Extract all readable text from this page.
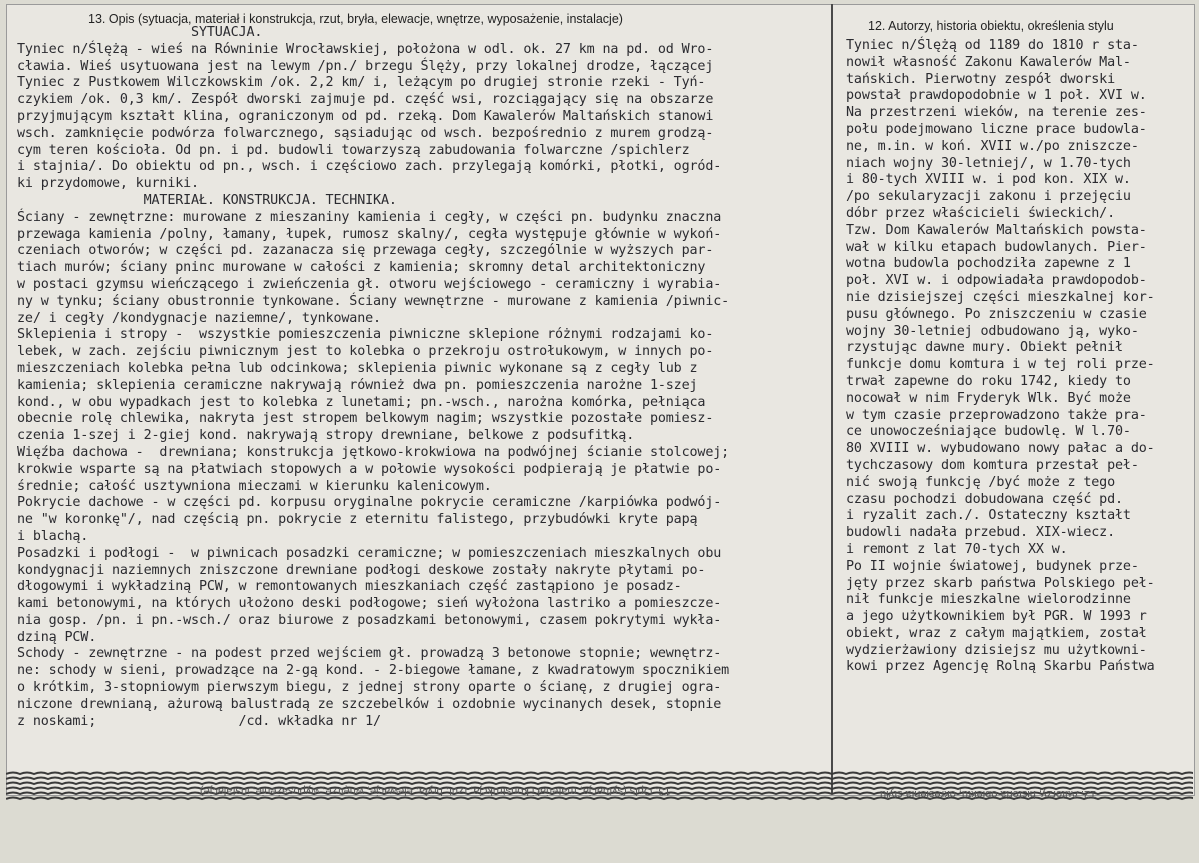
13. Opis (sytuacja, materiał i konstrukcja, rzut, bryła, elewacje, wnętrze, wyposażenie, instalacje)	12. Autorzy, historia obiektu, określenia stylu
SYTUACJA.
Tyniec n/Ślężą - wieś na Równinie Wrocławskiej, położona w odl. ok. 27 km na pd. od Wro-
cławia. Wieś usytuowana jest na lewym /pn./ brzegu Ślęży, przy lokalnej drodze, łączącej
Tyniec z Pustkowem Wilczkowskim /ok. 2,2 km/ i, leżącym po drugiej stronie rzeki - Tyń-
czykiem /ok. 0,3 km/. Zespół dworski zajmuje pd. część wsi, rozciągający się na obszarze
przyjmującym kształt klina, ograniczonym od pd. rzeką. Dom Kawalerów Maltańskich stanowi
wsch. zamknięcie podwórza folwarcznego, sąsiadując od wsch. bezpośrednio z murem grodzą-
cym teren kościoła. Od pn. i pd. budowli towarzyszą zabudowania folwarczne /spichlerz
i stajnia/. Do obiektu od pn., wsch. i częściowo zach. przylegają komórki, płotki, ogród-
ki przydomowe, kurniki.
MATERIAŁ. KONSTRUKCJA. TECHNIKA.
Ściany - zewnętrzne: murowane z mieszaniny kamienia i cegły, w części pn. budynku znaczna
przewaga kamienia /polny, łamany, łupek, rumosz skalny/, cegła występuje głównie w wykoń-
czeniach otworów; w części pd. zazanacza się przewaga cegły, szczególnie w wyższych par-
tiach murów; ściany pninc murowane w całości z kamienia; skromny detal architektoniczny
w postaci gzymsu wieńczącego i zwieńczenia gł. otworu wejściowego - ceramiczny i wyrabia-
ny w tynku; ściany obustronnie tynkowane. Ściany wewnętrzne - murowane z kamienia /piwnic-
ze/ i cegły /kondygnacje naziemne/, tynkowane.
Sklepienia i stropy -  wszystkie pomieszczenia piwniczne sklepione różnymi rodzajami ko-
lebek, w zach. zejściu piwnicznym jest to kolebka o przekroju ostrołukowym, w innych po-
mieszczeniach kolebka pełna lub odcinkowa; sklepienia piwnic wykonane są z cegły lub z
kamienia; sklepienia ceramiczne nakrywają również dwa pn. pomieszczenia narożne 1-szej
kond., w obu wypadkach jest to kolebka z lunetami; pn.-wsch., narożna komórka, pełniąca
obecnie rolę chlewika, nakryta jest stropem belkowym nagim; wszystkie pozostałe pomiesz-
czenia 1-szej i 2-giej kond. nakrywają stropy drewniane, belkowe z podsufitką.
Więźba dachowa -  drewniana; konstrukcja jętkowo-krokwiowa na podwójnej ścianie stolcowej;
krokwie wsparte są na płatwiach stopowych a w połowie wysokości podpierają je płatwie po-
średnie; całość usztywniona mieczami w kierunku kalenicowym.
Pokrycie dachowe - w części pd. korpusu oryginalne pokrycie ceramiczne /karpiówka podwój-
ne "w koronkę"/, nad częścią pn. pokrycie z eternitu falistego, przybudówki kryte papą
i blachą.
Posadzki i podłogi -  w piwnicach posadzki ceramiczne; w pomieszczeniach mieszkalnych obu
kondygnacji naziemnych zniszczone drewniane podłogi deskowe zostały nakryte płytami po-
dłogowymi i wykładziną PCW, w remontowanych mieszkaniach część zastąpiono je posadz-
kami betonowymi, na których ułożono deski podłogowe; sień wyłożona lastriko a pomieszcze-
nia gosp. /pn. i pn.-wsch./ oraz biurowe z posadzkami betonowymi, czasem pokrytymi wykła-
dziną PCW.
Schody - zewnętrzne - na podest przed wejściem gł. prowadzą 3 betonowe stopnie; wewnętrz-
ne: schody w sieni, prowadzące na 2-gą kond. - 2-biegowe łamane, z kwadratowym spocznikiem
o krótkim, 3-stopniowym pierwszym biegu, z jednej strony oparte o ścianę, z drugiej ogra-
niczone drewnianą, ażurową balustradą ze szczebelków i ozdobnie wycinanych desek, stopnie
z noskami;                  /cd. wkładka nr 1/
Tyniec n/Ślężą od 1189 do 1810 r sta-
nowił własność Zakonu Kawalerów Mal-
tańskich. Pierwotny zespół dworski
powstał prawdopodobnie w 1 poł. XVI w.
Na przestrzeni wieków, na terenie zes-
połu podejmowano liczne prace budowla-
ne, m.in. w koń. XVII w./po zniszcze-
niach wojny 30-letniej/, w 1.70-tych
i 80-tych XVIII w. i pod kon. XIX w.
/po sekularyzacji zakonu i przejęciu
dóbr przez właścicieli świeckich/.
Tzw. Dom Kawalerów Maltańskich powsta-
wał w kilku etapach budowlanych. Pier-
wotna budowla pochodziła zapewne z 1
poł. XVI w. i odpowiadała prawdopodob-
nie dzisiejszej części mieszkalnej kor-
pusu głównego. Po zniszczeniu w czasie
wojny 30-letniej odbudowano ją, wyko-
rzystując dawne mury. Obiekt pełnił
funkcje domu komtura i w tej roli prze-
trwał zapewne do roku 1742, kiedy to
nocował w nim Fryderyk Wlk. Być może
w tym czasie przeprowadzono także pra-
ce unowocześniające budowlę. W l.70-
80 XVIII w. wybudowano nowy pałac a do-
tychczasowy dom komtura przestał peł-
nić swoją funkcję /być może z tego
czasu pochodzi dobudowana część pd.
i ryzalit zach./. Ostateczny kształt
budowli nadała przebud. XIX-wiecz.
i remont z lat 70-tych XX w.
Po II wojnie światowej, budynek prze-
jęty przez skarb państwa Polskiego peł-
nił funkcje mieszkalne wielorodzinne
a jego użytkownikiem był PGR. W 1993 r
obiekt, wraz z całym majątkiem, został
wydzierżawiony dzisiejsz mu użytkowni-
kowi przez Agencję Rolną Skarbu Państwa
13. Opis (sytuacja, materiał i konstrukcja, rzut, bryła, elewacje, wnętrze, wyposażenie, instalacje)	12. Autorzy, historia obiektu, określenia stylu
